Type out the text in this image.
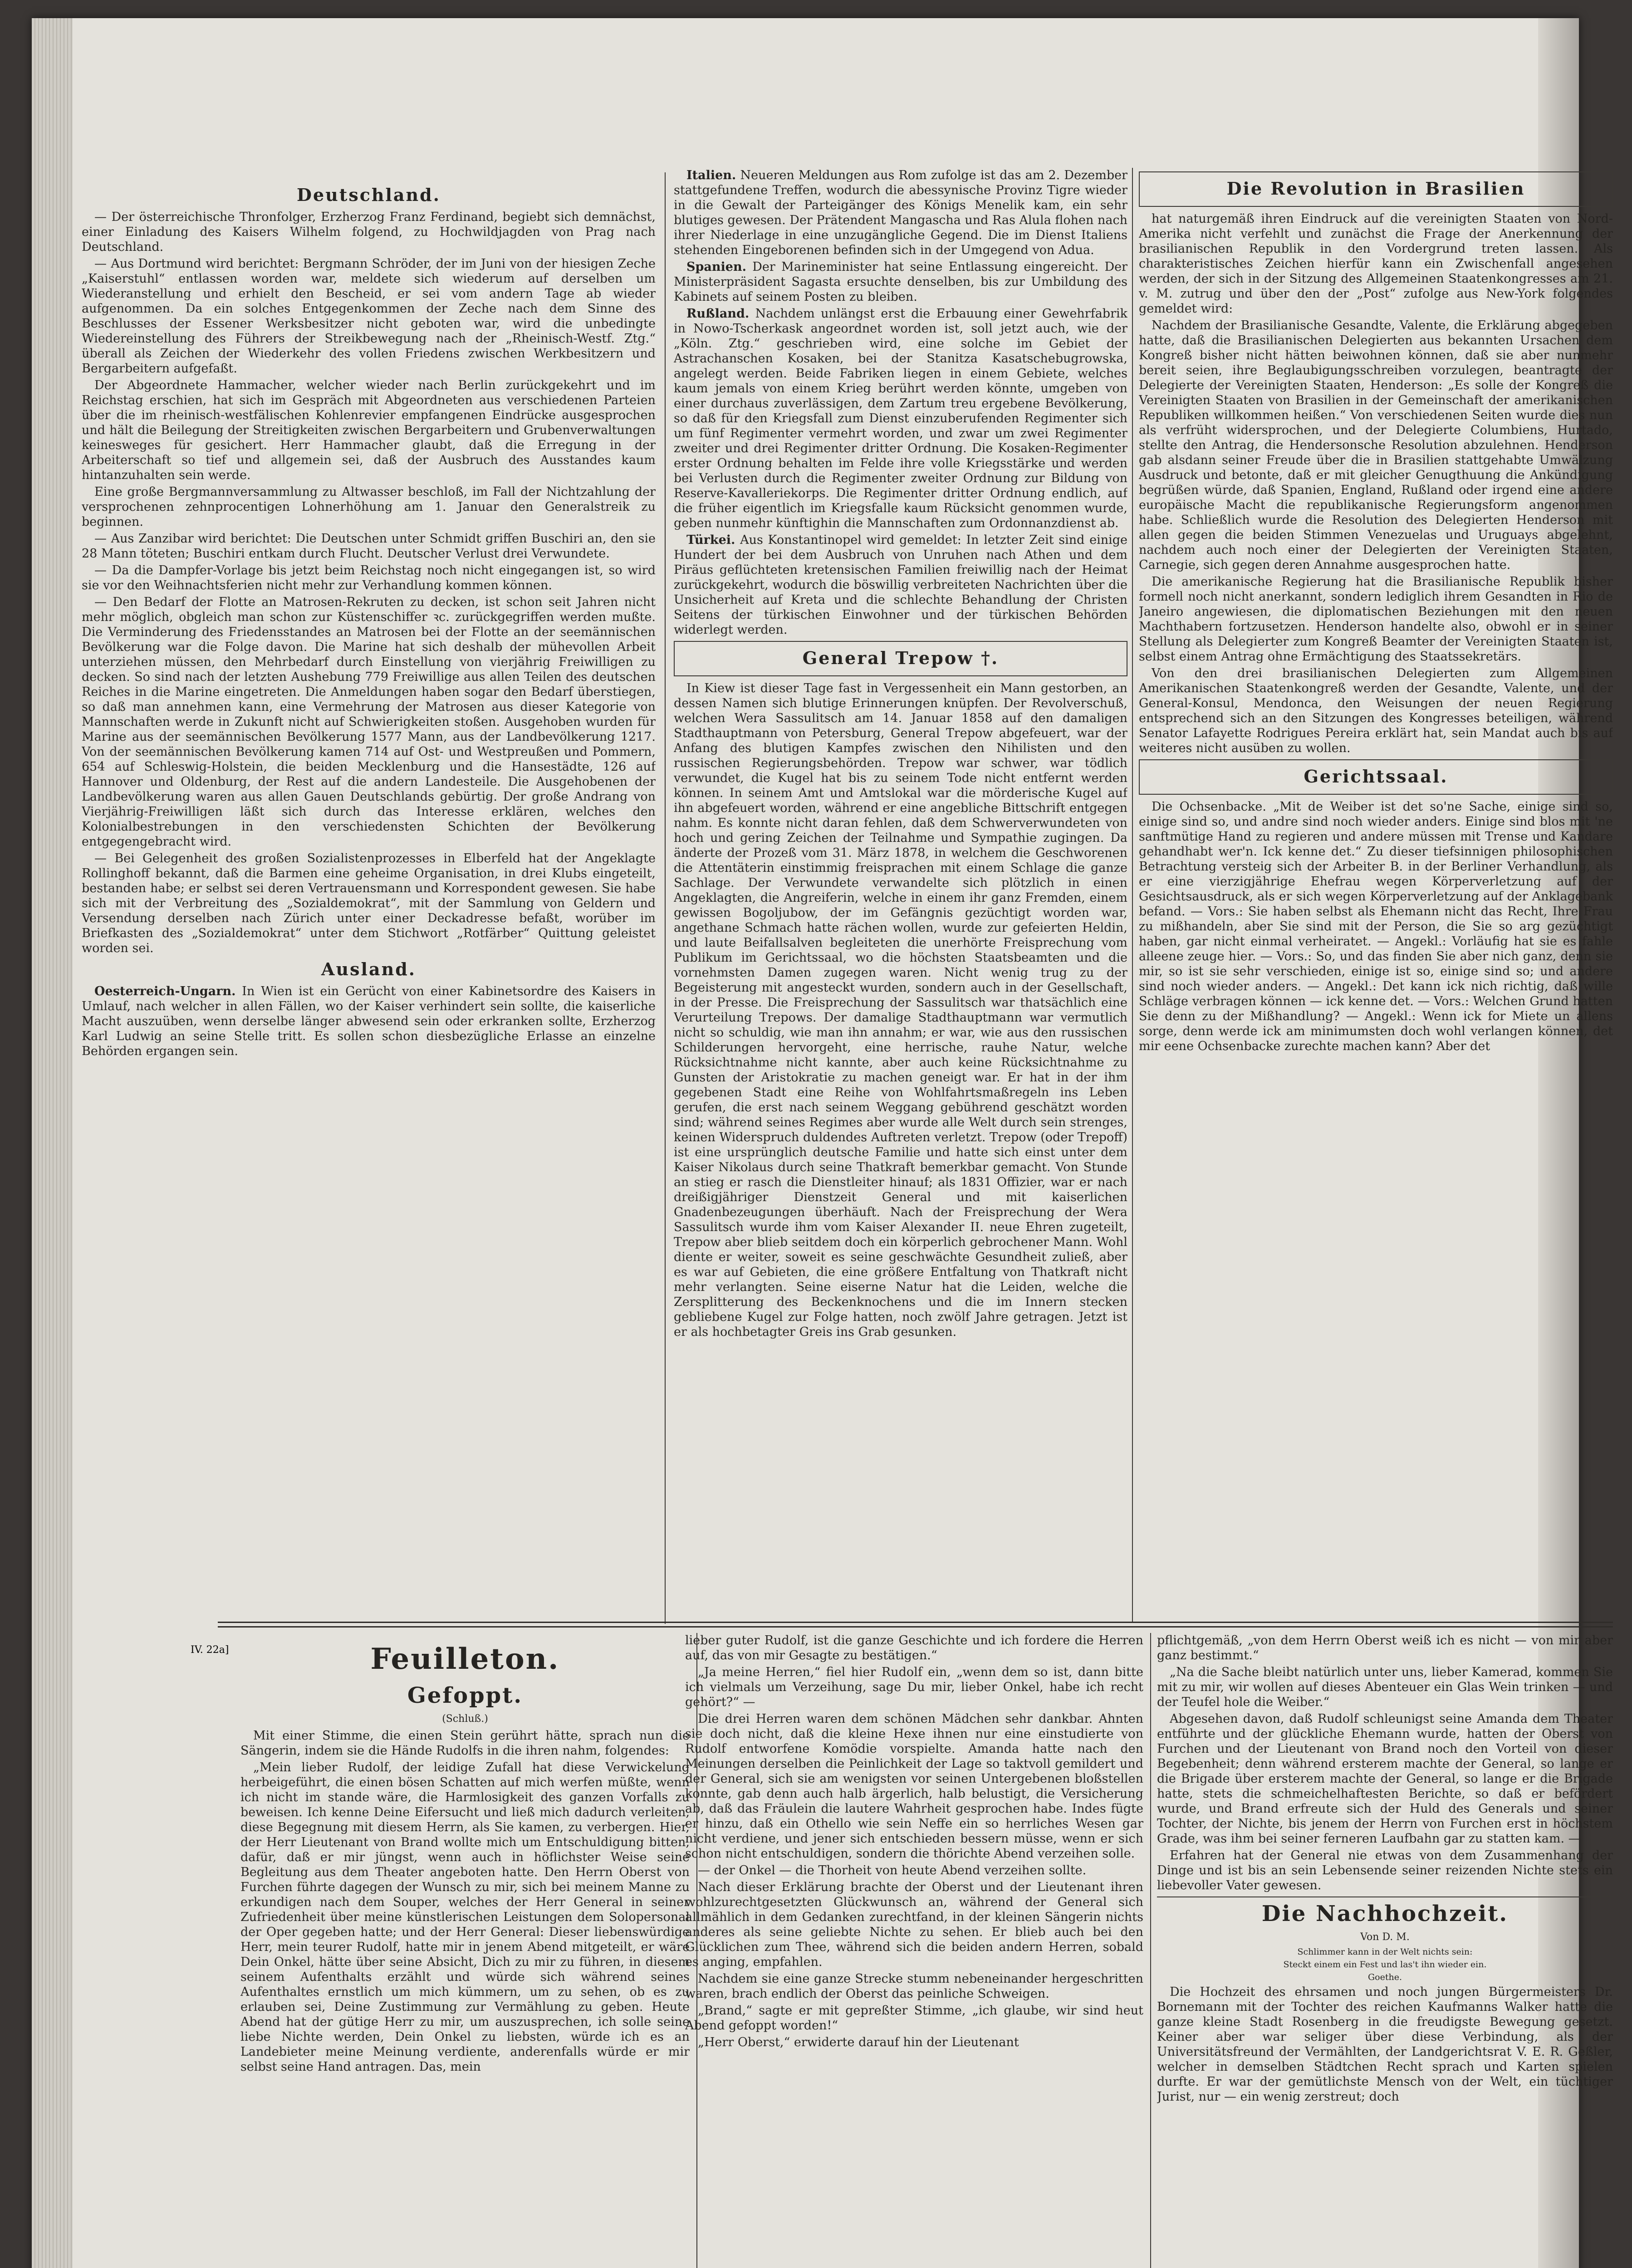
Deutschland.

— Der österreichische Thronfolger, Erzherzog Franz Ferdinand, begiebt sich demnächst, einer Einladung des Kaisers Wilhelm folgend, zu Hochwildjagden von Prag nach Deutschland.

— Aus Dortmund wird berichtet: Bergmann Schröder, der im Juni von der hiesigen Zeche „Kaiserstuhl“ entlassen worden war, meldete sich wiederum auf derselben um Wiederanstellung und erhielt den Bescheid, er sei vom andern Tage ab wieder aufgenommen. Da ein solches Entgegenkommen der Zeche nach dem Sinne des Beschlusses der Essener Werksbesitzer nicht geboten war, wird die unbedingte Wiedereinstellung des Führers der Streikbewegung nach der „Rheinisch-Westf. Ztg.“ überall als Zeichen der Wiederkehr des vollen Friedens zwischen Werkbesitzern und Bergarbeitern aufgefaßt.

Der Abgeordnete Hammacher, welcher wieder nach Berlin zurückgekehrt und im Reichstag erschien, hat sich im Gespräch mit Abgeordneten aus verschiedenen Parteien über die im rheinisch-westfälischen Kohlenrevier empfangenen Eindrücke ausgesprochen und hält die Beilegung der Streitigkeiten zwischen Bergarbeitern und Grubenverwaltungen keinesweges für gesichert. Herr Hammacher glaubt, daß die Erregung in der Arbeiterschaft so tief und allgemein sei, daß der Ausbruch des Ausstandes kaum hintanzuhalten sein werde.

Eine große Bergmannversammlung zu Altwasser beschloß, im Fall der Nichtzahlung der versprochenen zehnprocentigen Lohnerhöhung am 1. Januar den Generalstreik zu beginnen.

— Aus Zanzibar wird berichtet: Die Deutschen unter Schmidt griffen Buschiri an, den sie 28 Mann töteten; Buschiri entkam durch Flucht. Deutscher Verlust drei Verwundete.

— Da die Dampfer-Vorlage bis jetzt beim Reichstag noch nicht eingegangen ist, so wird sie vor den Weihnachtsferien nicht mehr zur Verhandlung kommen können.

— Den Bedarf der Flotte an Matrosen-Rekruten zu decken, ist schon seit Jahren nicht mehr möglich, obgleich man schon zur Küstenschiffer ꝛc. zurückgegriffen werden mußte. Die Verminderung des Friedensstandes an Matrosen bei der Flotte an der seemännischen Bevölkerung war die Folge davon. Die Marine hat sich deshalb der mühevollen Arbeit unterziehen müssen, den Mehrbedarf durch Einstellung von vierjährig Freiwilligen zu decken. So sind nach der letzten Aushebung 779 Freiwillige aus allen Teilen des deutschen Reiches in die Marine eingetreten. Die Anmeldungen haben sogar den Bedarf überstiegen, so daß man annehmen kann, eine Vermehrung der Matrosen aus dieser Kategorie von Mannschaften werde in Zukunft nicht auf Schwierigkeiten stoßen. Ausgehoben wurden für Marine aus der seemännischen Bevölkerung 1577 Mann, aus der Landbevölkerung 1217. Von der seemännischen Bevölkerung kamen 714 auf Ost- und Westpreußen und Pommern, 654 auf Schleswig-Holstein, die beiden Mecklenburg und die Hansestädte, 126 auf Hannover und Oldenburg, der Rest auf die andern Landesteile. Die Ausgehobenen der Landbevölkerung waren aus allen Gauen Deutschlands gebürtig. Der große Andrang von Vierjährig-Freiwilligen läßt sich durch das Interesse erklären, welches den Kolonialbestrebungen in den verschiedensten Schichten der Bevölkerung entgegengebracht wird.

— Bei Gelegenheit des großen Sozialistenprozesses in Elberfeld hat der Angeklagte Rollinghoff bekannt, daß die Barmen eine geheime Organisation, in drei Klubs eingeteilt, bestanden habe; er selbst sei deren Vertrauensmann und Korrespondent gewesen. Sie habe sich mit der Verbreitung des „Sozialdemokrat“, mit der Sammlung von Geldern und Versendung derselben nach Zürich unter einer Deckadresse befaßt, worüber im Briefkasten des „Sozialdemokrat“ unter dem Stichwort „Rotfärber“ Quittung geleistet worden sei.

Ausland.

Oesterreich-Ungarn. In Wien ist ein Gerücht von einer Kabinetsordre des Kaisers in Umlauf, nach welcher in allen Fällen, wo der Kaiser verhindert sein sollte, die kaiserliche Macht auszuüben, wenn derselbe länger abwesend sein oder erkranken sollte, Erzherzog Karl Ludwig an seine Stelle tritt. Es sollen schon diesbezügliche Erlasse an einzelne Behörden ergangen sein.

Italien. Neueren Meldungen aus Rom zufolge ist das am 2. Dezember stattgefundene Treffen, wodurch die abessynische Provinz Tigre wieder in die Gewalt der Parteigänger des Königs Menelik kam, ein sehr blutiges gewesen. Der Prätendent Mangascha und Ras Alula flohen nach ihrer Niederlage in eine unzugängliche Gegend. Die im Dienst Italiens stehenden Eingeborenen befinden sich in der Umgegend von Adua.

Spanien. Der Marineminister hat seine Entlassung eingereicht. Der Ministerpräsident Sagasta ersuchte denselben, bis zur Umbildung des Kabinets auf seinem Posten zu bleiben.

Rußland. Nachdem unlängst erst die Erbauung einer Gewehrfabrik in Nowo-Tscherkask angeordnet worden ist, soll jetzt auch, wie der „Köln. Ztg.“ geschrieben wird, eine solche im Gebiet der Astrachanschen Kosaken, bei der Stanitza Kasatschebugrowska, angelegt werden. Beide Fabriken liegen in einem Gebiete, welches kaum jemals von einem Krieg berührt werden könnte, umgeben von einer durchaus zuverlässigen, dem Zartum treu ergebene Bevölkerung, so daß für den Kriegsfall zum Dienst einzuberufenden Regimenter sich um fünf Regimenter vermehrt worden, und zwar um zwei Regimenter zweiter und drei Regimenter dritter Ordnung. Die Kosaken-Regimenter erster Ordnung behalten im Felde ihre volle Kriegsstärke und werden bei Verlusten durch die Regimenter zweiter Ordnung zur Bildung von Reserve-Kavalleriekorps. Die Regimenter dritter Ordnung endlich, auf die früher eigentlich im Kriegsfalle kaum Rücksicht genommen wurde, geben nunmehr künftighin die Mannschaften zum Ordonnanzdienst ab.

Türkei. Aus Konstantinopel wird gemeldet: In letzter Zeit sind einige Hundert der bei dem Ausbruch von Unruhen nach Athen und dem Piräus geflüchteten kretensischen Familien freiwillig nach der Heimat zurückgekehrt, wodurch die böswillig verbreiteten Nachrichten über die Unsicherheit auf Kreta und die schlechte Behandlung der Christen Seitens der türkischen Einwohner und der türkischen Behörden widerlegt werden.

General Trepow †.

In Kiew ist dieser Tage fast in Vergessenheit ein Mann gestorben, an dessen Namen sich blutige Erinnerungen knüpfen. Der Revolverschuß, welchen Wera Sassulitsch am 14. Januar 1858 auf den damaligen Stadthauptmann von Petersburg, General Trepow abgefeuert, war der Anfang des blutigen Kampfes zwischen den Nihilisten und den russischen Regierungsbehörden. Trepow war schwer, war tödlich verwundet, die Kugel hat bis zu seinem Tode nicht entfernt werden können. In seinem Amt und Amtslokal war die mörderische Kugel auf ihn abgefeuert worden, während er eine angebliche Bittschrift entgegen nahm. Es konnte nicht daran fehlen, daß dem Schwerverwundeten von hoch und gering Zeichen der Teilnahme und Sympathie zugingen. Da änderte der Prozeß vom 31. März 1878, in welchem die Geschworenen die Attentäterin einstimmig freisprachen mit einem Schlage die ganze Sachlage. Der Verwundete verwandelte sich plötzlich in einen Angeklagten, die Angreiferin, welche in einem ihr ganz Fremden, einem gewissen Bogoljubow, der im Gefängnis gezüchtigt worden war, angethane Schmach hatte rächen wollen, wurde zur gefeierten Heldin, und laute Beifallsalven begleiteten die unerhörte Freisprechung vom Publikum im Gerichtssaal, wo die höchsten Staatsbeamten und die vornehmsten Damen zugegen waren. Nicht wenig trug zu der Begeisterung mit angesteckt wurden, sondern auch in der Gesellschaft, in der Presse. Die Freisprechung der Sassulitsch war thatsächlich eine Verurteilung Trepows. Der damalige Stadthauptmann war vermutlich nicht so schuldig, wie man ihn annahm; er war, wie aus den russischen Schilderungen hervorgeht, eine herrische, rauhe Natur, welche Rücksichtnahme nicht kannte, aber auch keine Rücksichtnahme zu Gunsten der Aristokratie zu machen geneigt war. Er hat in der ihm gegebenen Stadt eine Reihe von Wohlfahrtsmaßregeln ins Leben gerufen, die erst nach seinem Weggang gebührend geschätzt worden sind; während seines Regimes aber wurde alle Welt durch sein strenges, keinen Widerspruch duldendes Auftreten verletzt. Trepow (oder Trepoff) ist eine ursprünglich deutsche Familie und hatte sich einst unter dem Kaiser Nikolaus durch seine Thatkraft bemerkbar gemacht. Von Stunde an stieg er rasch die Dienstleiter hinauf; als 1831 Offizier, war er nach dreißigjähriger Dienstzeit General und mit kaiserlichen Gnadenbezeugungen überhäuft. Nach der Freisprechung der Wera Sassulitsch wurde ihm vom Kaiser Alexander II. neue Ehren zugeteilt, Trepow aber blieb seitdem doch ein körperlich gebrochener Mann. Wohl diente er weiter, soweit es seine geschwächte Gesundheit zuließ, aber es war auf Gebieten, die eine größere Entfaltung von Thatkraft nicht mehr verlangten. Seine eiserne Natur hat die Leiden, welche die Zersplitterung des Beckenknochens und die im Innern stecken gebliebene Kugel zur Folge hatten, noch zwölf Jahre getragen. Jetzt ist er als hochbetagter Greis ins Grab gesunken.

Die Revolution in Brasilien

hat naturgemäß ihren Eindruck auf die vereinigten Staaten von Nord-Amerika nicht verfehlt und zunächst die Frage der Anerkennung der brasilianischen Republik in den Vordergrund treten lassen. Als charakteristisches Zeichen hierfür kann ein Zwischenfall angesehen werden, der sich in der Sitzung des Allgemeinen Staatenkongresses am 21. v. M. zutrug und über den der „Post“ zufolge aus New-York folgendes gemeldet wird:

Nachdem der Brasilianische Gesandte, Valente, die Erklärung abgegeben hatte, daß die Brasilianischen Delegierten aus bekannten Ursachen dem Kongreß bisher nicht hätten beiwohnen können, daß sie aber nunmehr bereit seien, ihre Beglaubigungsschreiben vorzulegen, beantragte der Delegierte der Vereinigten Staaten, Henderson: „Es solle der Kongreß die Vereinigten Staaten von Brasilien in der Gemeinschaft der amerikanischen Republiken willkommen heißen.“ Von verschiedenen Seiten wurde dies nun als verfrüht widersprochen, und der Delegierte Columbiens, Hurtado, stellte den Antrag, die Hendersonsche Resolution abzulehnen. Henderson gab alsdann seiner Freude über die in Brasilien stattgehabte Umwälzung Ausdruck und betonte, daß er mit gleicher Genugthuung die Ankündigung begrüßen würde, daß Spanien, England, Rußland oder irgend eine andere europäische Macht die republikanische Regierungsform angenommen habe. Schließlich wurde die Resolution des Delegierten Henderson mit allen gegen die beiden Stimmen Venezuelas und Uruguays abgelehnt, nachdem auch noch einer der Delegierten der Vereinigten Staaten, Carnegie, sich gegen deren Annahme ausgesprochen hatte.

Die amerikanische Regierung hat die Brasilianische Republik bisher formell noch nicht anerkannt, sondern lediglich ihrem Gesandten in Rio de Janeiro angewiesen, die diplomatischen Beziehungen mit den neuen Machthabern fortzusetzen. Henderson handelte also, obwohl er in seiner Stellung als Delegierter zum Kongreß Beamter der Vereinigten Staaten ist, selbst einem Antrag ohne Ermächtigung des Staatssekretärs.

Von den drei brasilianischen Delegierten zum Allgemeinen Amerikanischen Staatenkongreß werden der Gesandte, Valente, und der General-Konsul, Mendonca, den Weisungen der neuen Regierung entsprechend sich an den Sitzungen des Kongresses beteiligen, während Senator Lafayette Rodrigues Pereira erklärt hat, sein Mandat auch bis auf weiteres nicht ausüben zu wollen.

Gerichtssaal.

Die Ochsenbacke. „Mit de Weiber ist det so'ne Sache, einige sind so, einige sind so, und andre sind noch wieder anders. Einige sind blos mit 'ne sanftmütige Hand zu regieren und andere müssen mit Trense und Kandare gehandhabt wer'n. Ick kenne det.“ Zu dieser tiefsinnigen philosophischen Betrachtung versteig sich der Arbeiter B. in der Berliner Verhandlung, als er eine vierzigjährige Ehefrau wegen Körperverletzung auf der Gesichtsausdruck, als er sich wegen Körperverletzung auf der Anklagebank befand. — Vors.: Sie haben selbst als Ehemann nicht das Recht, Ihre Frau zu mißhandeln, aber Sie sind mit der Person, die Sie so arg gezüchtigt haben, gar nicht einmal verheiratet. — Angekl.: Vorläufig hat sie es fahle alleene zeuge hier. — Vors.: So, und das finden Sie aber nich ganz, denn sie mir, so ist sie sehr verschieden, einige ist so, einige sind so; und andere sind noch wieder anders. — Angekl.: Det kann ick nich richtig, daß wille Schläge verbragen können — ick kenne det. — Vors.: Welchen Grund hatten Sie denn zu der Mißhandlung? — Angekl.: Wenn ick for Miete un allens sorge, denn werde ick am minimumsten doch wohl verlangen können, det mir eene Ochsenbacke zurechte machen kann? Aber det

IV. 22a]	Feuilleton.
Gefoppt.
(Schluß.)

Mit einer Stimme, die einen Stein gerührt hätte, sprach nun die Sängerin, indem sie die Hände Rudolfs in die ihren nahm, folgendes:

„Mein lieber Rudolf, der leidige Zufall hat diese Verwickelung herbeigeführt, die einen bösen Schatten auf mich werfen müßte, wenn ich nicht im stande wäre, die Harmlosigkeit des ganzen Vorfalls zu beweisen. Ich kenne Deine Eifersucht und ließ mich dadurch verleiten, diese Begegnung mit diesem Herrn, als Sie kamen, zu verbergen. Hier, der Herr Lieutenant von Brand wollte mich um Entschuldigung bitten, dafür, daß er mir jüngst, wenn auch in höflichster Weise seine Begleitung aus dem Theater angeboten hatte. Den Herrn Oberst von Furchen führte dagegen der Wunsch zu mir, sich bei meinem Manne zu erkundigen nach dem Souper, welches der Herr General in seiner Zufriedenheit über meine künstlerischen Leistungen dem Solopersonal der Oper gegeben hatte; und der Herr General: Dieser liebenswürdige Herr, mein teurer Rudolf, hatte mir in jenem Abend mitgeteilt, er wäre Dein Onkel, hätte über seine Absicht, Dich zu mir zu führen, in diesem seinem Aufenthalts erzählt und würde sich während seines Aufenthaltes ernstlich um mich kümmern, um zu sehen, ob es zu erlauben sei, Deine Zustimmung zur Vermählung zu geben. Heute Abend hat der gütige Herr zu mir, um auszusprechen, ich solle seine liebe Nichte werden, Dein Onkel zu liebsten, würde ich es an Landebieter meine Meinung verdiente, anderenfalls würde er mir selbst seine Hand antragen. Das, mein

lieber guter Rudolf, ist die ganze Geschichte und ich fordere die Herren auf, das von mir Gesagte zu bestätigen.“

„Ja meine Herren,“ fiel hier Rudolf ein, „wenn dem so ist, dann bitte ich vielmals um Verzeihung, sage Du mir, lieber Onkel, habe ich recht gehört?“ —

Die drei Herren waren dem schönen Mädchen sehr dankbar. Ahnten sie doch nicht, daß die kleine Hexe ihnen nur eine einstudierte von Rudolf entworfene Komödie vorspielte. Amanda hatte nach den Meinungen derselben die Peinlichkeit der Lage so taktvoll gemildert und der General, sich sie am wenigsten vor seinen Untergebenen bloßstellen konnte, gab denn auch halb ärgerlich, halb belustigt, die Versicherung ab, daß das Fräulein die lautere Wahrheit gesprochen habe. Indes fügte er hinzu, daß ein Othello wie sein Neffe ein so herrliches Wesen gar nicht verdiene, und jener sich entschieden bessern müsse, wenn er sich schon nicht entschuldigen, sondern die thörichte Abend verzeihen solle.

— der Onkel — die Thorheit von heute Abend verzeihen sollte.

Nach dieser Erklärung brachte der Oberst und der Lieutenant ihren wohlzurechtgesetzten Glückwunsch an, während der General sich allmählich in dem Gedanken zurechtfand, in der kleinen Sängerin nichts anderes als seine geliebte Nichte zu sehen. Er blieb auch bei den Glücklichen zum Thee, während sich die beiden andern Herren, sobald es anging, empfahlen.

Nachdem sie eine ganze Strecke stumm nebeneinander hergeschritten waren, brach endlich der Oberst das peinliche Schweigen.

„Brand,“ sagte er mit gepreßter Stimme, „ich glaube, wir sind heut Abend gefoppt worden!“

„Herr Oberst,“ erwiderte darauf hin der Lieutenant

pflichtgemäß, „von dem Herrn Oberst weiß ich es nicht — von mir aber ganz bestimmt.“

„Na die Sache bleibt natürlich unter uns, lieber Kamerad, kommen Sie mit zu mir, wir wollen auf dieses Abenteuer ein Glas Wein trinken — und der Teufel hole die Weiber.“

Abgesehen davon, daß Rudolf schleunigst seine Amanda dem Theater entführte und der glückliche Ehemann wurde, hatten der Oberst von Furchen und der Lieutenant von Brand noch den Vorteil von dieser Begebenheit; denn während ersterem machte der General, so lange er die Brigade über ersterem machte der General, so lange er die Brigade hatte, stets die schmeichelhaftesten Berichte, so daß er befördert wurde, und Brand erfreute sich der Huld des Generals und seiner Tochter, der Nichte, bis jenem der Herrn von Furchen erst in höchstem Grade, was ihm bei seiner ferneren Laufbahn gar zu statten kam. —

Erfahren hat der General nie etwas von dem Zusammenhang der Dinge und ist bis an sein Lebensende seiner reizenden Nichte stets ein liebevoller Vater gewesen.

Die Nachhochzeit.
Von D. M.
Schlimmer kann in der Welt nichts sein:
Steckt einem ein Fest und las't ihn wieder ein.
Goethe.

Die Hochzeit des ehrsamen und noch jungen Bürgermeisters Dr. Bornemann mit der Tochter des reichen Kaufmanns Walker hatte die ganze kleine Stadt Rosenberg in die freudigste Bewegung gesetzt. Keiner aber war seliger über diese Verbindung, als der Universitätsfreund der Vermählten, der Landgerichtsrat V. E. R. Geßler, welcher in demselben Städtchen Recht sprach und Karten spielen durfte. Er war der gemütlichste Mensch von der Welt, ein tüchtiger Jurist, nur — ein wenig zerstreut; doch
